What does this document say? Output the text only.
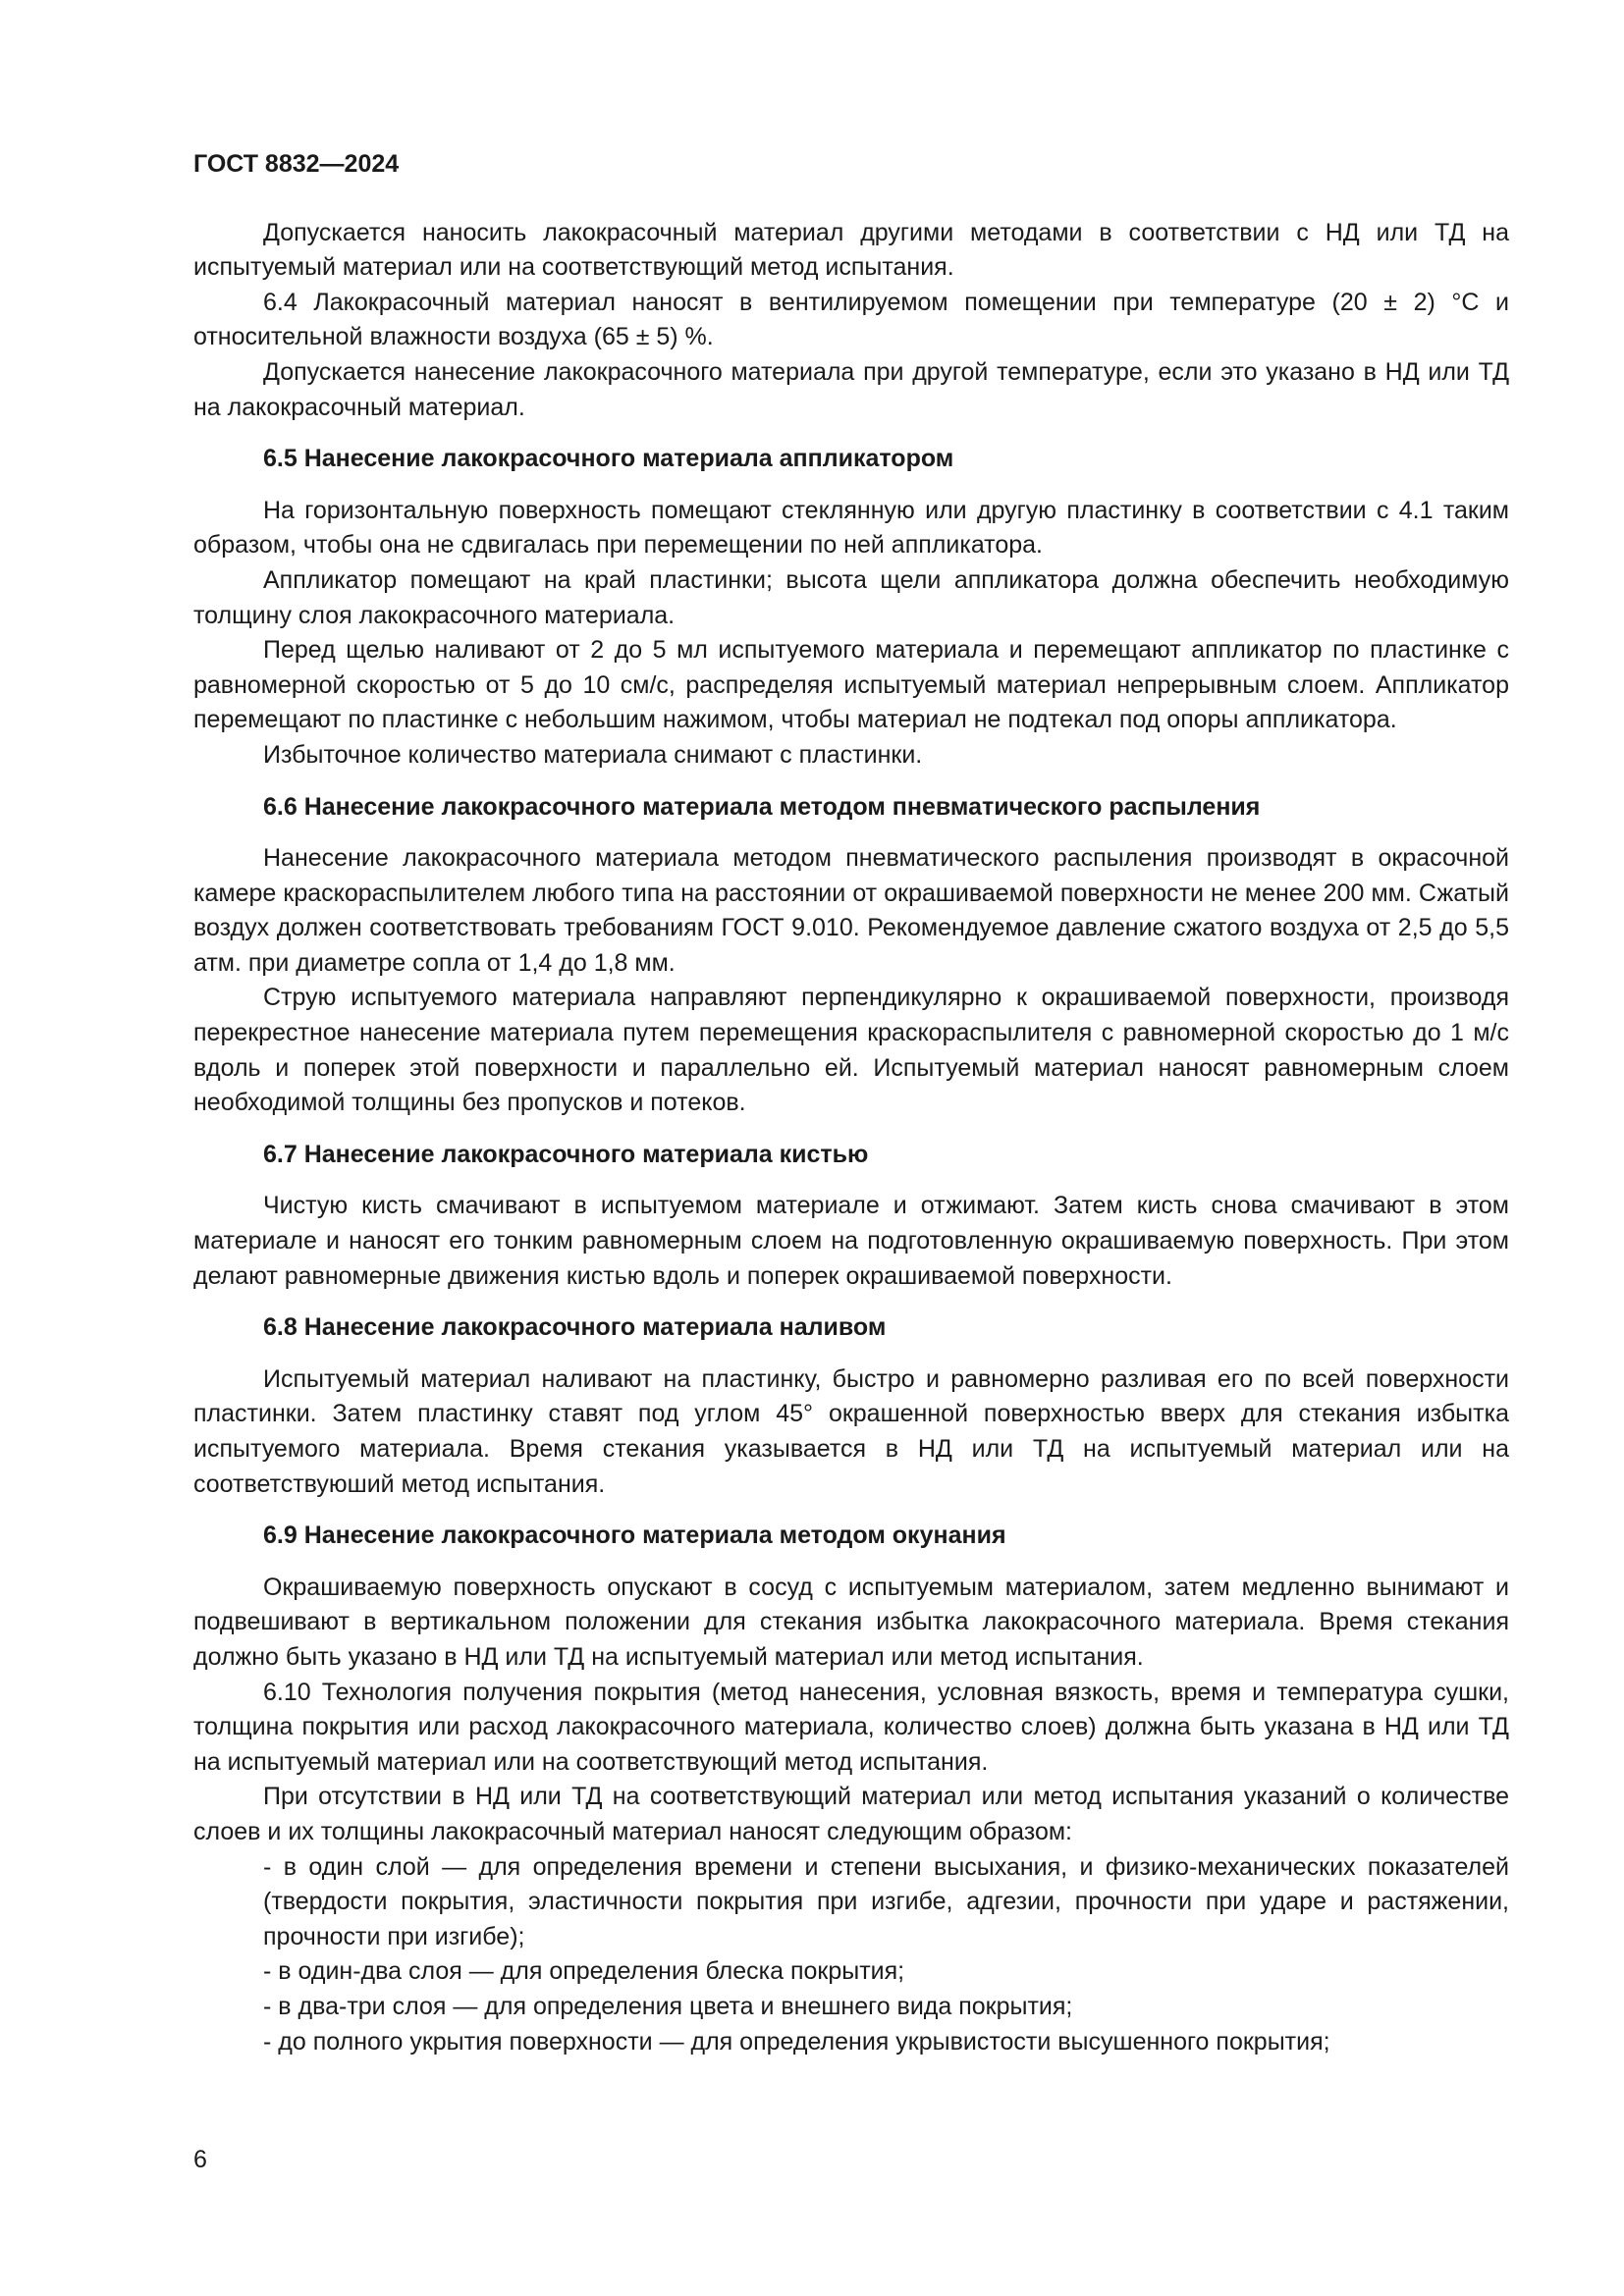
ГОСТ 8832—2024

Допускается наносить лакокрасочный материал другими методами в соответствии с НД или ТД на испытуемый материал или на соответствующий метод испытания.

6.4 Лакокрасочный материал наносят в вентилируемом помещении при температуре (20 ± 2) °С и относительной влажности воздуха (65 ± 5) %.

Допускается нанесение лакокрасочного материала при другой температуре, если это указано в НД или ТД на лакокрасочный материал.

6.5 Нанесение лакокрасочного материала аппликатором

На горизонтальную поверхность помещают стеклянную или другую пластинку в соответствии с 4.1 таким образом, чтобы она не сдвигалась при перемещении по ней аппликатора.

Аппликатор помещают на край пластинки; высота щели аппликатора должна обеспечить необходимую толщину слоя лакокрасочного материала.

Перед щелью наливают от 2 до 5 мл испытуемого материала и перемещают аппликатор по пластинке с равномерной скоростью от 5 до 10 см/с, распределяя испытуемый материал непрерывным слоем. Аппликатор перемещают по пластинке с небольшим нажимом, чтобы материал не подтекал под опоры аппликатора.

Избыточное количество материала снимают с пластинки.

6.6 Нанесение лакокрасочного материала методом пневматического распыления

Нанесение лакокрасочного материала методом пневматического распыления производят в окрасочной камере краскораспылителем любого типа на расстоянии от окрашиваемой поверхности не менее 200 мм. Сжатый воздух должен соответствовать требованиям ГОСТ 9.010. Рекомендуемое давление сжатого воздуха от 2,5 до 5,5 атм. при диаметре сопла от 1,4 до 1,8 мм.

Струю испытуемого материала направляют перпендикулярно к окрашиваемой поверхности, производя перекрестное нанесение материала путем перемещения краскораспылителя с равномерной скоростью до 1 м/с вдоль и поперек этой поверхности и параллельно ей. Испытуемый материал наносят равномерным слоем необходимой толщины без пропусков и потеков.

6.7 Нанесение лакокрасочного материала кистью

Чистую кисть смачивают в испытуемом материале и отжимают. Затем кисть снова смачивают в этом материале и наносят его тонким равномерным слоем на подготовленную окрашиваемую поверхность. При этом делают равномерные движения кистью вдоль и поперек окрашиваемой поверхности.

6.8 Нанесение лакокрасочного материала наливом

Испытуемый материал наливают на пластинку, быстро и равномерно разливая его по всей поверхности пластинки. Затем пластинку ставят под углом 45° окрашенной поверхностью вверх для стекания избытка испытуемого материала. Время стекания указывается в НД или ТД на испытуемый материал или на соответствуюший метод испытания.

6.9 Нанесение лакокрасочного материала методом окунания

Окрашиваемую поверхность опускают в сосуд с испытуемым материалом, затем медленно вынимают и подвешивают в вертикальном положении для стекания избытка лакокрасочного материала. Время стекания должно быть указано в НД или ТД на испытуемый материал или метод испытания.

6.10 Технология получения покрытия (метод нанесения, условная вязкость, время и температура сушки, толщина покрытия или расход лакокрасочного материала, количество слоев) должна быть указана в НД или ТД на испытуемый материал или на соответствующий метод испытания.

При отсутствии в НД или ТД на соответствующий материал или метод испытания указаний о количестве слоев и их толщины лакокрасочный материал наносят следующим образом:

- в один слой — для определения времени и степени высыхания, и физико-механических показателей (твердости покрытия, эластичности покрытия при изгибе, адгезии, прочности при ударе и растяжении, прочности при изгибе);
- в один-два слоя — для определения блеска покрытия;
- в два-три слоя — для определения цвета и внешнего вида покрытия;
- до полного укрытия поверхности — для определения укрывистости высушенного покрытия;
6
